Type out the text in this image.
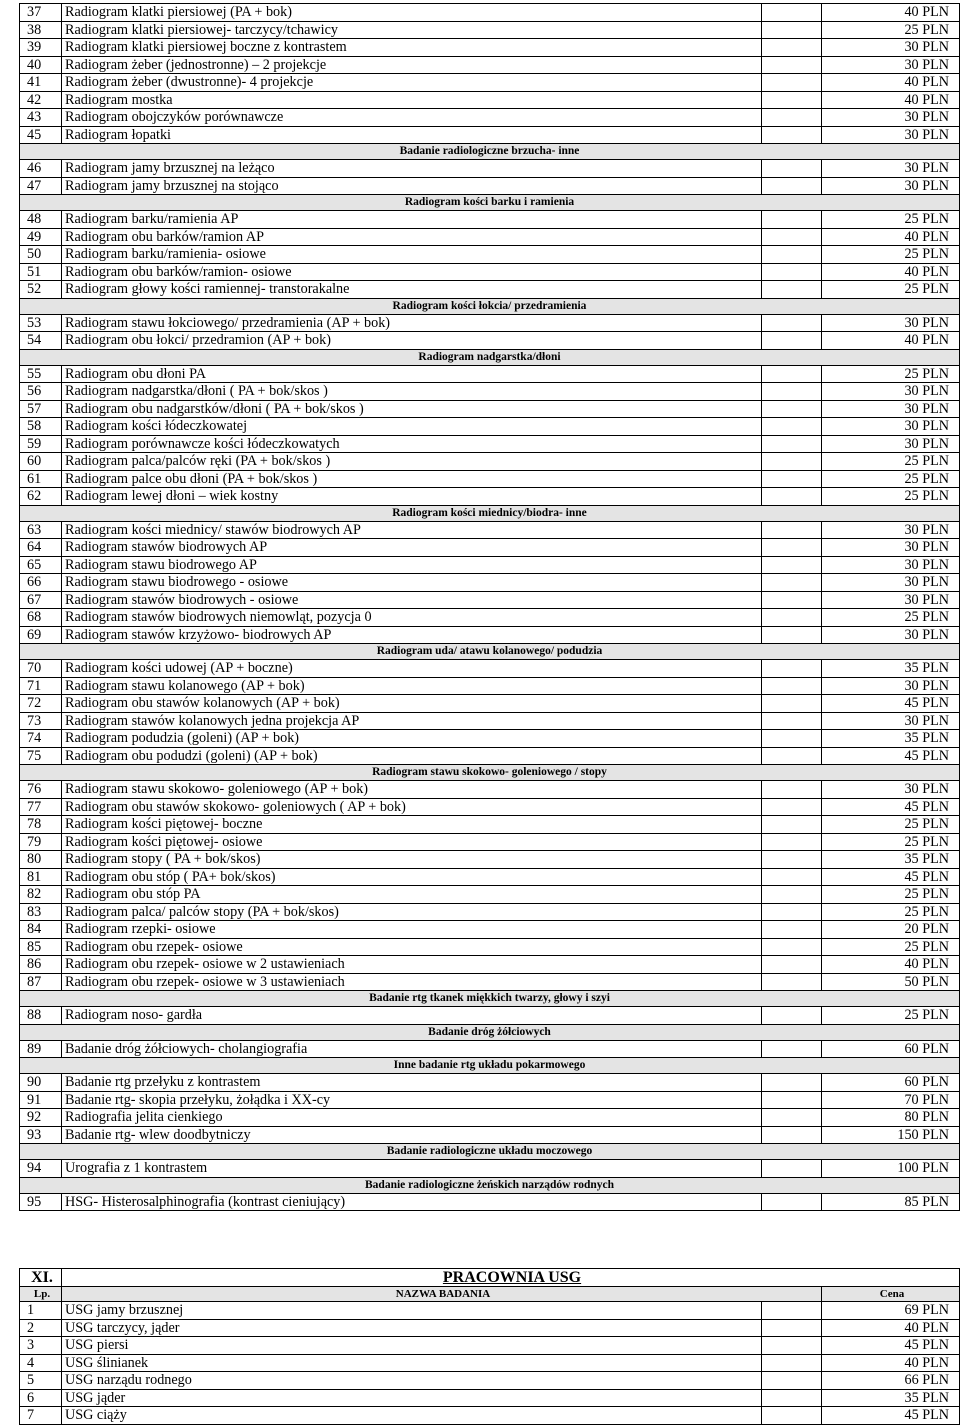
37	Radiogram klatki piersiowej (PA + bok)		40 PLN
38	Radiogram klatki piersiowej- tarczycy/tchawicy		25 PLN
39	Radiogram klatki piersiowej boczne z kontrastem		30 PLN
40	Radiogram żeber (jednostronne) – 2 projekcje		30 PLN
41	Radiogram żeber (dwustronne)- 4 projekcje		40 PLN
42	Radiogram mostka		40 PLN
43	Radiogram obojczyków porównawcze		30 PLN
45	Radiogram łopatki		30 PLN
Badanie radiologiczne brzucha- inne			
46	Radiogram jamy brzusznej na leżąco		30 PLN
47	Radiogram jamy brzusznej na stojąco		30 PLN
Radiogram kości barku i ramienia			
48	Radiogram barku/ramienia AP		25 PLN
49	Radiogram obu barków/ramion AP		40 PLN
50	Radiogram barku/ramienia- osiowe		25 PLN
51	Radiogram obu barków/ramion- osiowe		40 PLN
52	Radiogram głowy kości ramiennej- transtorakalne		25 PLN
Radiogram kości łokcia/ przedramienia			
53	Radiogram stawu łokciowego/ przedramienia (AP + bok)		30 PLN
54	Radiogram obu łokci/ przedramion (AP + bok)		40 PLN
Radiogram nadgarstka/dłoni			
55	Radiogram obu dłoni PA		25 PLN
56	Radiogram nadgarstka/dłoni ( PA + bok/skos )		30 PLN
57	Radiogram obu nadgarstków/dłoni ( PA + bok/skos )		30 PLN
58	Radiogram kości łódeczkowatej		30 PLN
59	Radiogram porównawcze kości łódeczkowatych		30 PLN
60	Radiogram palca/palców ręki (PA + bok/skos )		25 PLN
61	Radiogram palce obu dłoni (PA + bok/skos )		25 PLN
62	Radiogram lewej dłoni – wiek kostny		25 PLN
Radiogram kości miednicy/biodra- inne			
63	Radiogram kości miednicy/ stawów biodrowych AP		30 PLN
64	Radiogram stawów biodrowych AP		30 PLN
65	Radiogram stawu biodrowego AP		30 PLN
66	Radiogram stawu biodrowego - osiowe		30 PLN
67	Radiogram stawów biodrowych - osiowe		30 PLN
68	Radiogram stawów biodrowych niemowląt, pozycja 0		25 PLN
69	Radiogram stawów krzyżowo- biodrowych AP		30 PLN
Radiogram uda/ atawu kolanowego/ podudzia			
70	Radiogram kości udowej (AP + boczne)		35 PLN
71	Radiogram stawu kolanowego (AP + bok)		30 PLN
72	Radiogram obu stawów kolanowych (AP + bok)		45 PLN
73	Radiogram stawów kolanowych jedna projekcja AP		30 PLN
74	Radiogram podudzia (goleni) (AP + bok)		35 PLN
75	Radiogram obu podudzi (goleni) (AP + bok)		45 PLN
Radiogram stawu skokowo- goleniowego / stopy			
76	Radiogram stawu skokowo- goleniowego (AP + bok)		30 PLN
77	Radiogram obu stawów skokowo- goleniowych ( AP + bok)		45 PLN
78	Radiogram kości piętowej- boczne		25 PLN
79	Radiogram kości piętowej- osiowe		25 PLN
80	Radiogram stopy ( PA + bok/skos)		35 PLN
81	Radiogram obu stóp ( PA+ bok/skos)		45 PLN
82	Radiogram obu stóp PA		25 PLN
83	Radiogram palca/ palców stopy (PA + bok/skos)		25 PLN
84	Radiogram rzepki- osiowe		20 PLN
85	Radiogram obu rzepek- osiowe		25 PLN
86	Radiogram obu rzepek- osiowe w 2 ustawieniach		40 PLN
87	Radiogram obu rzepek- osiowe w 3 ustawieniach		50 PLN
Badanie rtg tkanek miękkich twarzy, głowy i szyi			
88	Radiogram noso- gardła		25 PLN
Badanie dróg żółciowych			
89	Badanie dróg żółciowych- cholangiografia		60 PLN
Inne badanie rtg układu pokarmowego			
90	Badanie rtg przełyku z kontrastem		60 PLN
91	Badanie rtg- skopia przełyku, żołądka i XX-cy		70 PLN
92	Radiografia jelita cienkiego		80 PLN
93	Badanie rtg- wlew doodbytniczy		150 PLN
Badanie radiologiczne układu moczowego			
94	Urografia z 1 kontrastem		100 PLN
Badanie radiologiczne żeńskich narządów rodnych			
95	HSG- Histerosalphinografia (kontrast cieniujący)		85 PLN
XI.	PRACOWNIA USG		
Lp.	NAZWA BADANIA		Cena
1	USG jamy brzusznej		69 PLN
2	USG tarczycy, jąder		40 PLN
3	USG piersi		45 PLN
4	USG ślinianek		40 PLN
5	USG narządu rodnego		66 PLN
6	USG jąder		35 PLN
7	USG ciąży		45 PLN
